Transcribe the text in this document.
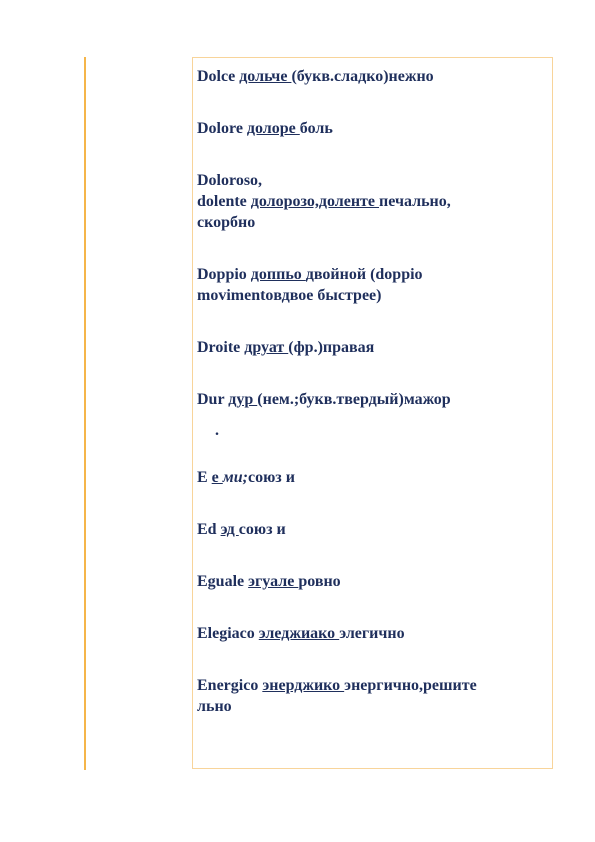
Dolce дольче (букв.сладко)нежно
Dolore долоре боль
Doloroso,
dolente долорозо,доленте печально,
скорбно
Doppio доппьо двойной (doppio
movimentoвдвое быстрее)
Droite друат (фр.)правая
Dur дур (нем.;букв.твердый)мажор
.
E е ми;союз и
Ed эд союз и
Eguale эгуале ровно
Elegiaco эледжиако элегично
Energico энерджико энергично,решите
льно
